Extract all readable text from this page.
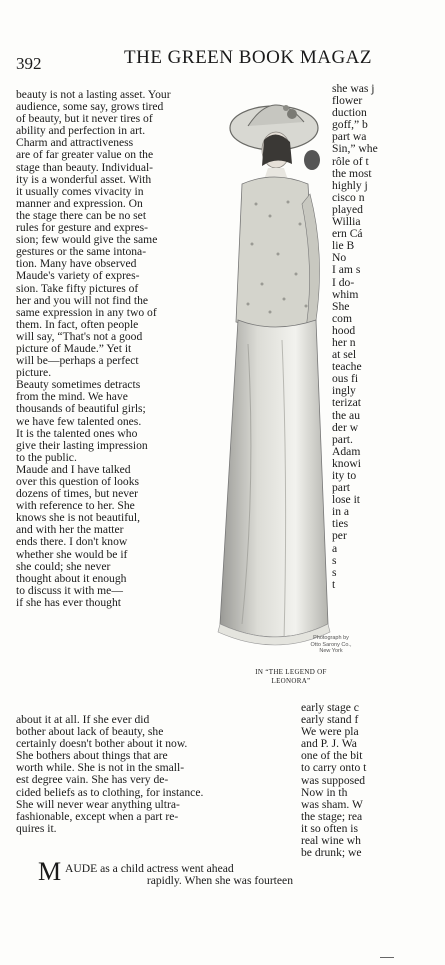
392	THE GREEN BOOK MAGAZ
beauty is not a lasting asset. Your
audience, some say, grows tired
of beauty, but it never tires of
ability and perfection in art.
Charm and attractiveness
are of far greater value on the
stage than beauty. Individual-
ity is a wonderful asset. With
it usually comes vivacity in
manner and expression. On
the stage there can be no set
rules for gesture and expres-
sion; few would give the same
gestures or the same intona-
tion. Many have observed
Maude's variety of expres-
sion. Take fifty pictures of
her and you will not find the
same expression in any two of
them. In fact, often people
will say, “That's not a good
picture of Maude.” Yet it
will be—perhaps a perfect
picture.
Beauty sometimes detracts
from the mind. We have
thousands of beautiful girls;
we have few talented ones.
It is the talented ones who
give their lasting impression
to the public.
Maude and I have talked
over this question of looks
dozens of times, but never
with reference to her. She
knows she is not beautiful,
and with her the matter
ends there. I don't know
whether she would be if
she could; she never
thought about it enough
to discuss it with me—
if she has ever thought
Photograph by
Otto Sarony Co.,
New York
IN “THE LEGEND OF
LEONORA”
she was j
flower
duction
goff,” b
part wa
Sin,” whe
rôle of t
the most
highly j
cisco n
played
Willia
ern Cá
lie B
No
I am s
I do-
whim
She
com
hood
her n
at sel
teache
ous fi
ingly
terizat
the au
der w
part.
Adam
knowi
ity to
part
lose it
in a
ties
per
a
s
s
t
about it at all. If she ever did
bother about lack of beauty, she
certainly doesn't bother about it now.
She bothers about things that are
worth while. She is not in the small-
est degree vain. She has very de-
cided beliefs as to clothing, for instance.
She will never wear anything ultra-
fashionable, except when a part re-
quires it.
early stage c
early stand f
We were pla
and P. J. Wa
one of the bit
to carry onto t
was supposed
Now in th
was sham. W
the stage; rea
it so often is
real wine wh
be drunk; we
M AUDE as a child actress went ahead
rapidly. When she was fourteen
